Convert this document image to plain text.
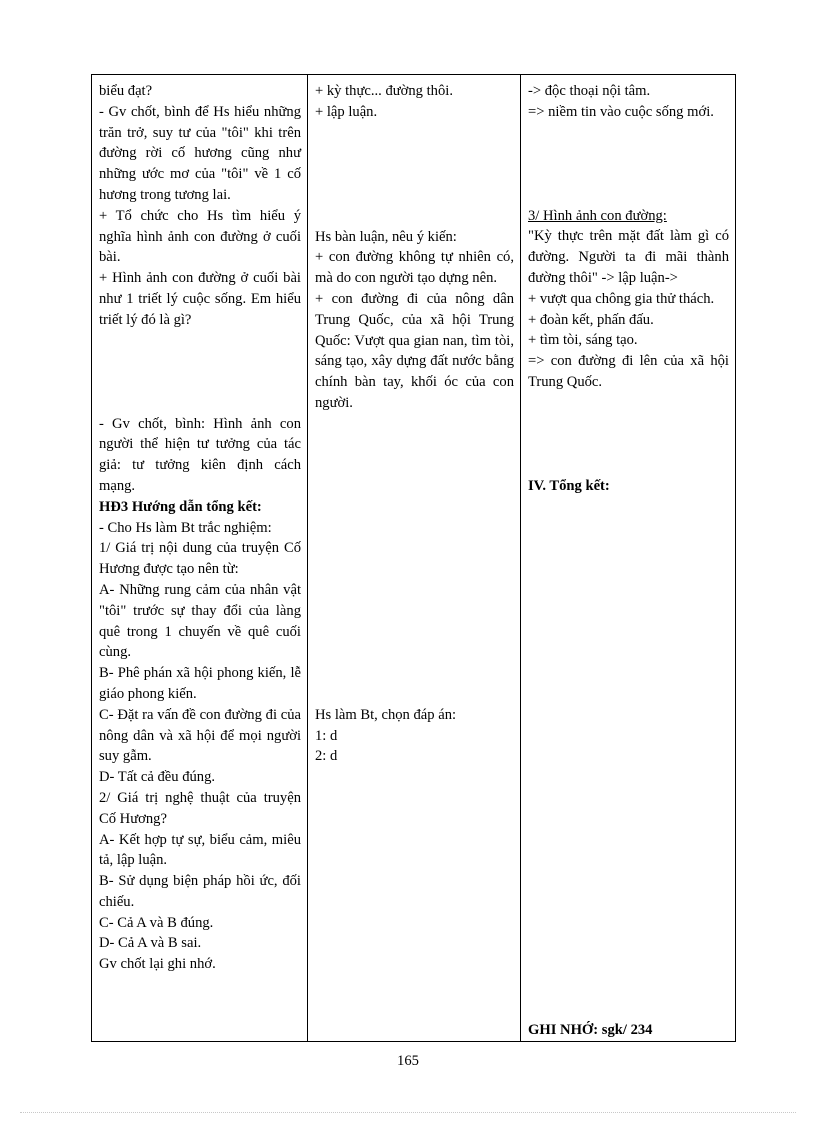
biểu đạt?

- Gv chốt, bình để Hs hiểu những trăn trở, suy tư của "tôi" khi trên đường rời cố hương cũng như những ước mơ của "tôi" về 1 cố hương trong tương lai.

+ Tổ chức cho Hs tìm hiểu ý nghĩa hình ảnh con đường ở cuối bài.

+ Hình ảnh con đường ở cuối bài như 1 triết lý cuộc sống. Em hiểu triết lý đó là gì?

- Gv chốt, bình: Hình ảnh con người thể hiện tư tưởng của tác giả: tư tưởng kiên định cách mạng.

HĐ3 Hướng dẫn tổng kết:

- Cho Hs làm Bt trắc nghiệm:

1/ Giá trị nội dung của truyện Cố Hương được tạo nên từ:

A- Những rung cảm của nhân vật "tôi" trước sự thay đổi của làng quê trong 1 chuyến về quê cuối cùng.

B- Phê phán xã hội phong kiến, lễ giáo phong kiến.

C- Đặt ra vấn đề con đường đi của nông dân và xã hội để mọi người suy gẫm.

D- Tất cả đều đúng.

2/ Giá trị nghệ thuật của truyện Cố Hương?

A- Kết hợp tự sự, biểu cảm, miêu tả, lập luận.

B- Sử dụng biện pháp hồi ức, đối chiếu.

C- Cả A và B đúng.

D- Cả A và B sai.

Gv chốt lại ghi nhớ.

+ kỳ thực... đường thôi.

+ lập luận.

Hs bàn luận, nêu ý kiến:

+ con đường không tự nhiên có, mà do con người tạo dựng nên.

+ con đường đi của nông dân Trung Quốc, của xã hội Trung Quốc: Vượt qua gian nan, tìm tòi, sáng tạo, xây dựng đất nước bằng chính bàn tay, khối óc của con người.

Hs làm Bt, chọn đáp án:

1: d

2: d

-> độc thoại nội tâm.

=> niềm tin vào cuộc sống mới.

3/ Hình ảnh con đường:

"Kỳ thực trên mặt đất làm gì có đường. Người ta đi mãi thành đường thôi" -> lập luận->

+ vượt qua chông gia thử thách.

+ đoàn kết, phấn đấu.

+ tìm tòi, sáng tạo.

=> con đường đi lên của xã hội Trung Quốc.

IV. Tổng kết:

GHI NHỚ: sgk/ 234

165
